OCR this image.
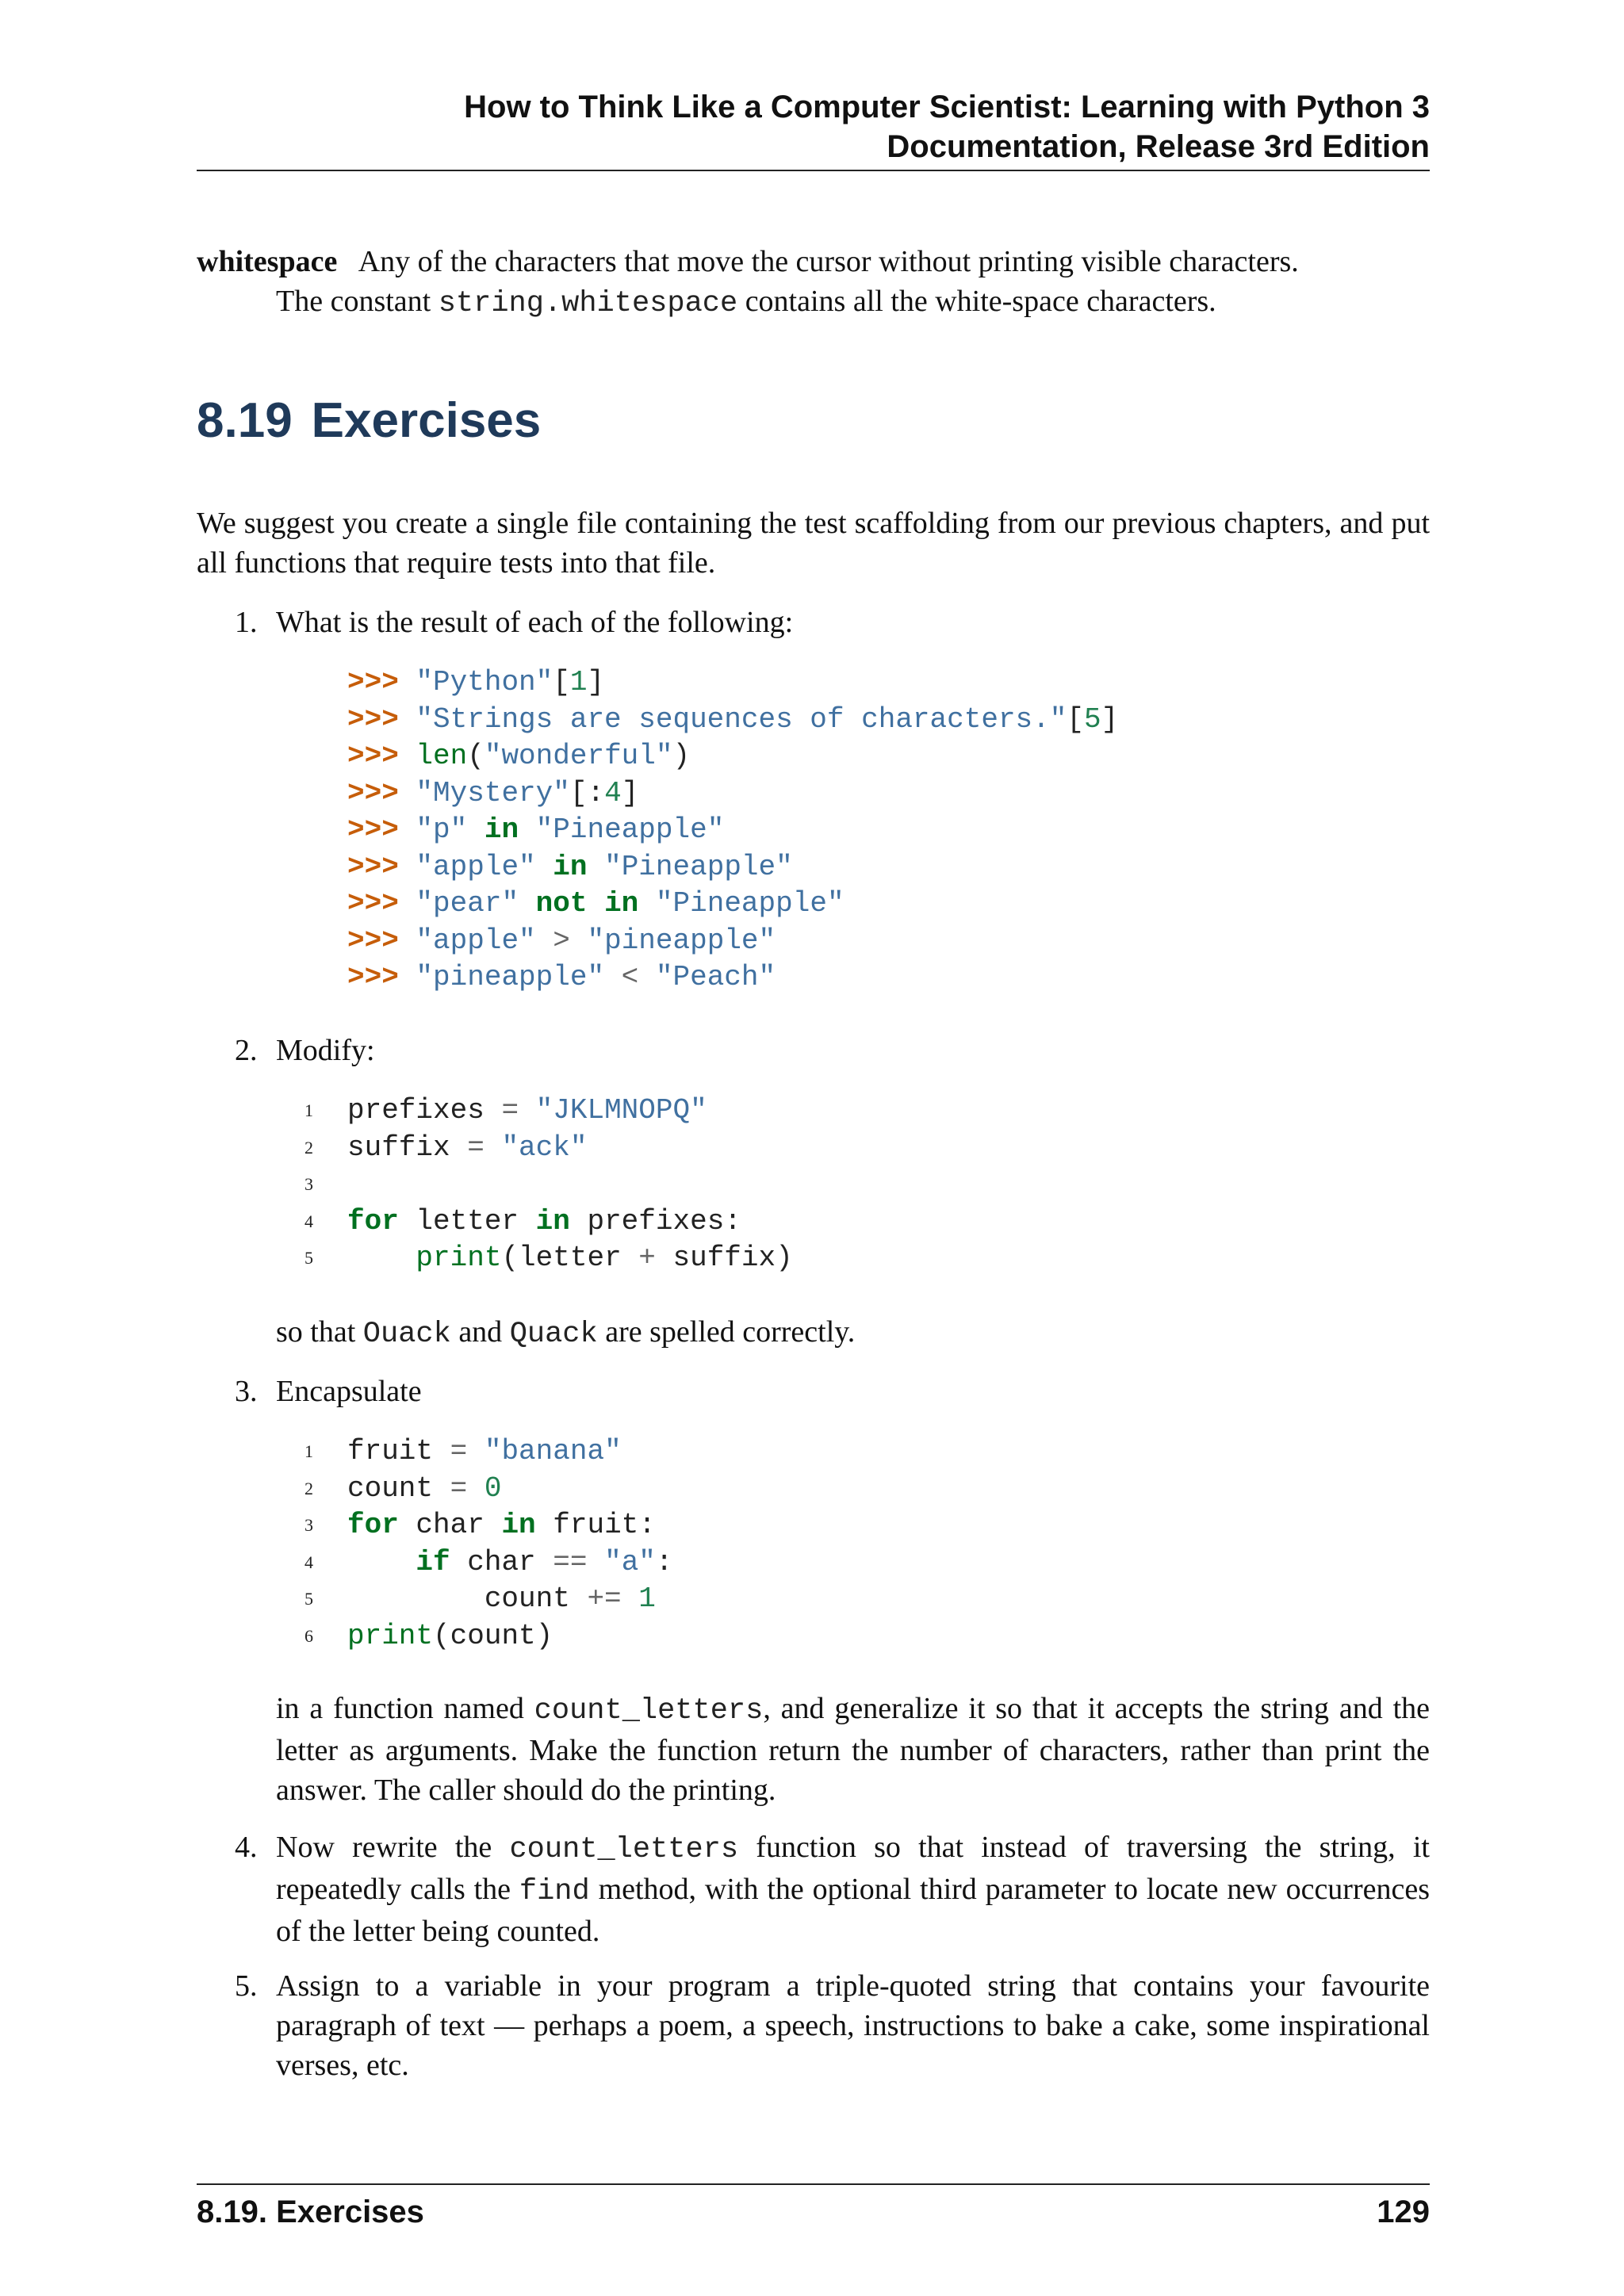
How to Think Like a Computer Scientist: Learning with Python 3
Documentation, Release 3rd Edition
whitespace Any of the characters that move the cursor without printing visible characters.
The constant string.whitespace contains all the white-space characters.
8.19 Exercises
We suggest you create a single file containing the test scaffolding from our previous chapters, and put all functions that require tests into that file.
1. What is the result of each of the following:
>>> "Python"[1]
>>> "Strings are sequences of characters."[5]
>>> len("wonderful")
>>> "Mystery"[:4]
>>> "p" in "Pineapple"
>>> "apple" in "Pineapple"
>>> "pear" not in "Pineapple"
>>> "apple" > "pineapple"
>>> "pineapple" < "Peach"
2. Modify:
1	prefixes = "JKLMNOPQ"
2	suffix = "ack"
3
4	for letter in prefixes:
5	print(letter + suffix)
so that Ouack and Quack are spelled correctly.
3. Encapsulate
1	fruit = "banana"
2	count = 0
3	for char in fruit:
4	if char == "a":
5	count += 1
6	print(count)
in a function named count_letters, and generalize it so that it accepts the string and the letter as arguments. Make the function return the number of characters, rather than print the answer. The caller should do the printing.
4. Now rewrite the count_letters function so that instead of traversing the string, it repeatedly calls the find method, with the optional third parameter to locate new occurrences of the letter being counted.
5. Assign to a variable in your program a triple-quoted string that contains your favourite paragraph of text — perhaps a poem, a speech, instructions to bake a cake, some inspirational verses, etc.
8.19. Exercises	129
